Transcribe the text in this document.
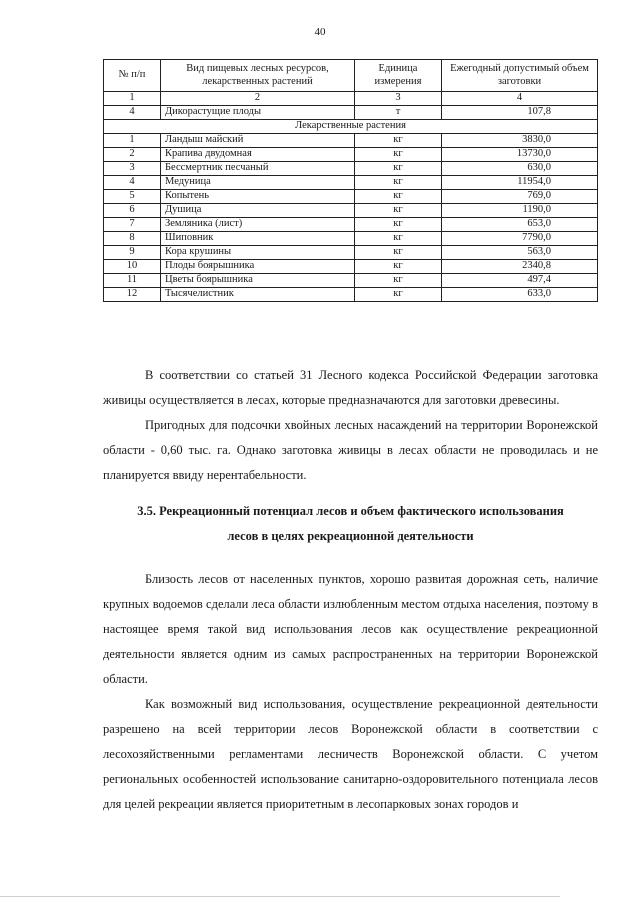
40
№ п/п	Вид пищевых лесных ресурсов, лекарственных растений	Единица измерения	Ежегодный допустимый объем заготовки
1	2	3	4
4	Дикорастущие плоды	т	107,8
Лекарственные растения			
1	Ландыш майский	кг	3830,0
2	Крапива двудомная	кг	13730,0
3	Бессмертник песчаный	кг	630,0
4	Медуница	кг	11954,0
5	Копытень	кг	769,0
6	Душица	кг	1190,0
7	Земляника (лист)	кг	653,0
8	Шиповник	кг	7790,0
9	Кора крушины	кг	563,0
10	Плоды боярышника	кг	2340,8
11	Цветы боярышника	кг	497,4
12	Тысячелистник	кг	633,0

В соответствии со статьей 31 Лесного кодекса Российской Федерации заготовка живицы осуществляется в лесах, которые предназначаются для заготовки древесины.

Пригодных для подсочки хвойных лесных насаждений на территории Воронежской области - 0,60 тыс. га. Однако заготовка живицы в лесах области не проводилась и не планируется ввиду нерентабельности.

3.5. Рекреационный потенциал лесов и объем фактического использования
лесов в целях рекреационной деятельности

Близость лесов от населенных пунктов, хорошо развитая дорожная сеть, наличие крупных водоемов сделали леса области излюбленным местом отдыха населения, поэтому в настоящее время такой вид использования лесов как осуществление рекреационной деятельности является одним из самых распространенных на территории Воронежской области.

Как возможный вид использования, осуществление рекреационной деятельности разрешено на всей территории лесов Воронежской области в соответствии с лесохозяйственными регламентами лесничеств Воронежской области. С учетом региональных особенностей использование санитарно-оздоровительного потенциала лесов для целей рекреации является приоритетным в лесопарковых зонах городов и
